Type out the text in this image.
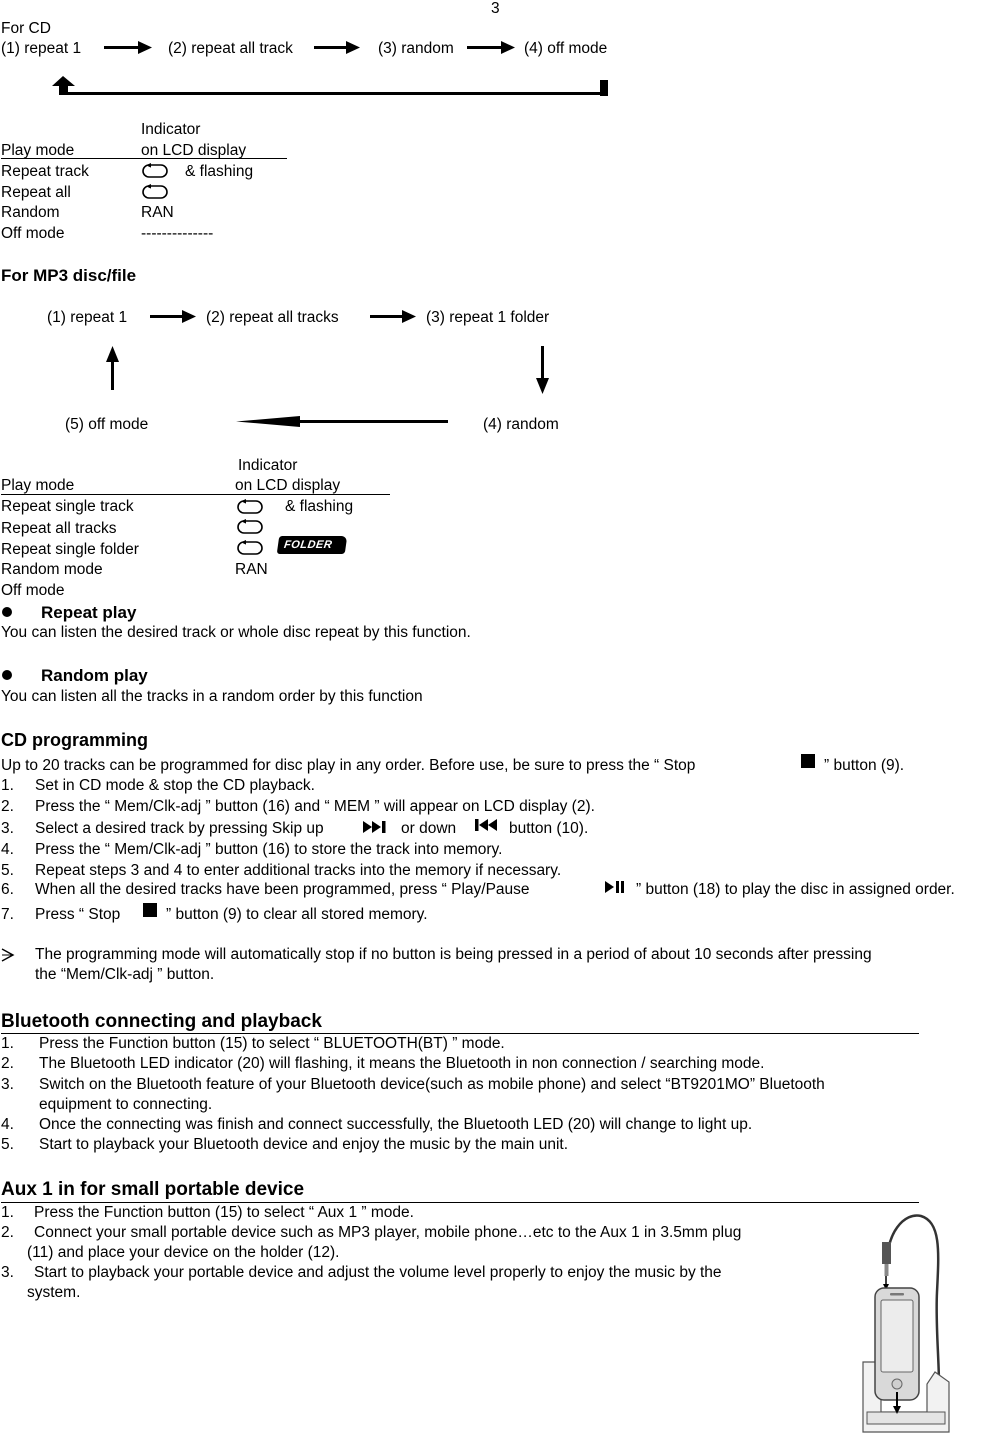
3
For CD
(1) repeat 1	(2) repeat all track	(3) random	(4) off mode
Indicator
Play mode	on LCD display
Repeat track	& flashing
Repeat all
Random	RAN
Off mode	--------------
For MP3 disc/file
(1) repeat 1	(2) repeat all tracks	(3) repeat 1 folder
(4) random
(5) off mode
Indicator
Play mode	on LCD display
Repeat single track	& flashing
Repeat all tracks
Repeat single folder	FOLDER
Random mode	RAN
Off mode
Repeat play
You can listen the desired track or whole disc repeat by this function.
Random play
You can listen all the tracks in a random order by this function
CD programming
Up to 20 tracks can be programmed for disc play in any order. Before use, be sure to press the “ Stop	” button (9).
1. Set in CD mode & stop the CD playback.
2. Press the “ Mem/Clk-adj ” button (16) and “ MEM ” will appear on LCD display (2).
3. Select a desired track by pressing Skip up	or down	button (10).
4. Press the “ Mem/Clk-adj ” button (16) to store the track into memory.
5. Repeat steps 3 and 4 to enter additional tracks into the memory if necessary.
6. When all the desired tracks have been programmed, press “ Play/Pause	” button (18) to play the disc in assigned order.
7. Press “ Stop	” button (9) to clear all stored memory.
The programming mode will automatically stop if no button is being pressed in a period of about 10 seconds after pressing
the “Mem/Clk-adj ” button.
Bluetooth connecting and playback
1. Press the Function button (15) to select “ BLUETOOTH(BT) ” mode.
2. The Bluetooth LED indicator (20) will flashing, it means the Bluetooth in non connection / searching mode.
3. Switch on the Bluetooth feature of your Bluetooth device(such as mobile phone) and select “BT9201MO” Bluetooth
equipment to connecting.
4. Once the connecting was finish and connect successfully, the Bluetooth LED (20) will change to light up.
5. Start to playback your Bluetooth device and enjoy the music by the main unit.
Aux 1 in for small portable device
1. Press the Function button (15) to select “ Aux 1 ” mode.
2. Connect your small portable device such as MP3 player, mobile phone…etc to the Aux 1 in 3.5mm plug
(11) and place your device on the holder (12).
3. Start to playback your portable device and adjust the volume level properly to enjoy the music by the
system.
